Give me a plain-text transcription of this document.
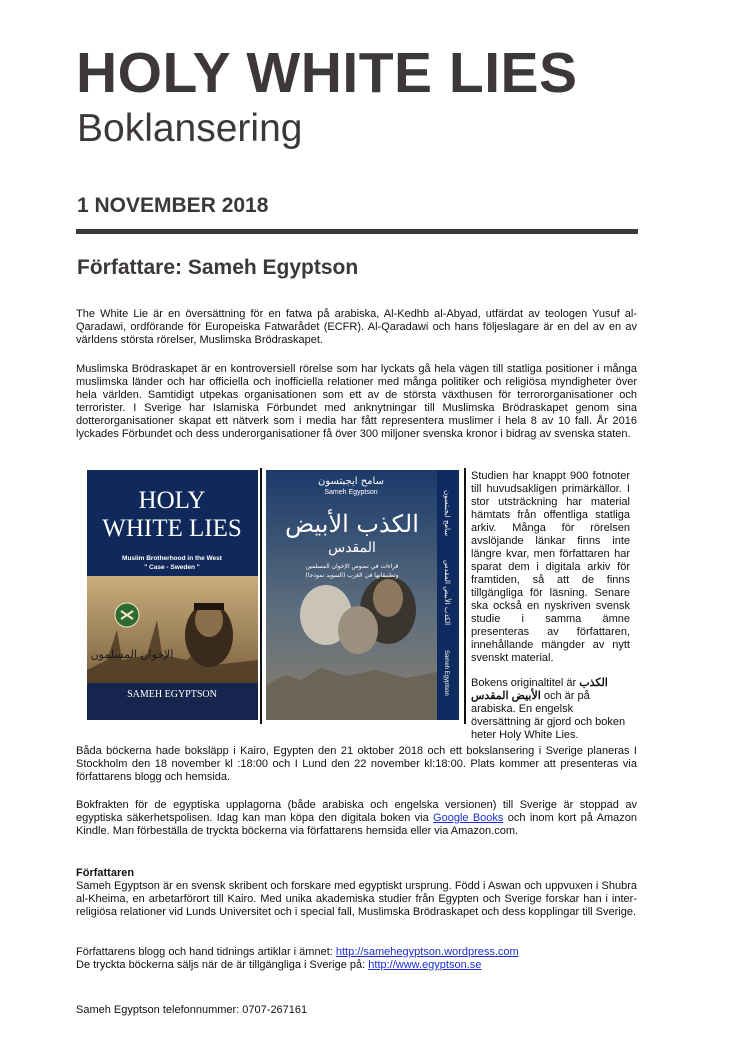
HOLY WHITE LIES
Boklansering
1 NOVEMBER 2018
Författare: Sameh Egyptson

The White Lie är en översättning för en fatwa på arabiska, Al-Kedhb al-Abyad, utfärdat av teologen Yusuf al-Qaradawi, ordförande för Europeiska Fatwarådet (ECFR). Al-Qaradawi och hans följeslagare är en del av en av världens största rörelser, Muslimska Brödraskapet.

Muslimska Brödraskapet är en kontroversiell rörelse som har lyckats gå hela vägen till statliga positioner i många muslimska länder och har officiella och inofficiella relationer med många politiker och religiösa myndigheter över hela världen. Samtidigt utpekas organisationen som ett av de största växthusen för terrororganisationer och terrorister. I Sverige har Islamiska Förbundet med anknytningar till Muslimska Brödraskapet genom sina dotterorganisationer skapat ett nätverk som i media har fått representera muslimer i hela 8 av 10 fall. År 2016 lyckades Förbundet och dess underorganisationer få över 300 miljoner svenska kronor i bidrag av svenska staten.

HOLY
WHITE LIES
Muslim Brotherhood in the West
" Case - Sweden "
الإخوان المسلمون
SAMEH EGYPTSON
سامح ايجبتسون
Sameh Egyptson
الكذب الأبيض
المقدس
قراءات في نصوص الإخوان المسلمين
وتطبيقاتها في الغرب (السويد نموذجا)
سامح ايجبتسون
الكذب الأبيض المقدس
Sameh Egyptson

Studien har knappt 900 fotnoter till huvudsakligen primärkällor. I stor utsträckning har material hämtats från offentliga statliga arkiv. Många för rörelsen avslöjande länkar finns inte längre kvar, men författaren har sparat dem i digitala arkiv för framtiden, så att de finns tillgängliga för läsning. Senare ska också en nyskriven svensk studie i samma ämne presenteras av författaren, innehållande mängder av nytt svenskt material.

Bokens originaltitel är الكذب الأبيض المقدس och är på arabiska. En engelsk översättning är gjord och boken heter Holy White Lies.

Båda böckerna hade boksläpp i Kairo, Egypten den 21 oktober 2018 och ett bokslansering i Sverige planeras I Stockholm den 18 november kl :18:00 och I Lund den 22 november kl:18:00. Plats kommer att presenteras via författarens blogg och hemsida.

Bokfrakten för de egyptiska upplagorna (både arabiska och engelska versionen) till Sverige är stoppad av egyptiska säkerhetspolisen. Idag kan man köpa den digitala boken via Google Books och inom kort på Amazon Kindle. Man förbeställa de tryckta böckerna via författarens hemsida eller via Amazon.com.

Författaren

Sameh Egyptson är en svensk skribent och forskare med egyptiskt ursprung. Född i Aswan och uppvuxen i Shubra al-Kheima, en arbetarförort till Kairo. Med unika akademiska studier från Egypten och Sverige forskar han i inter-religiösa relationer vid Lunds Universitet och i special fall, Muslimska Brödraskapet och dess kopplingar till Sverige.

Författarens blogg och hand tidnings artiklar i ämnet: http://samehegyptson.wordpress.com
De tryckta böckerna säljs när de är tillgängliga i Sverige på: http://www.egyptson.se

Sameh Egyptson telefonnummer: 0707-267161
